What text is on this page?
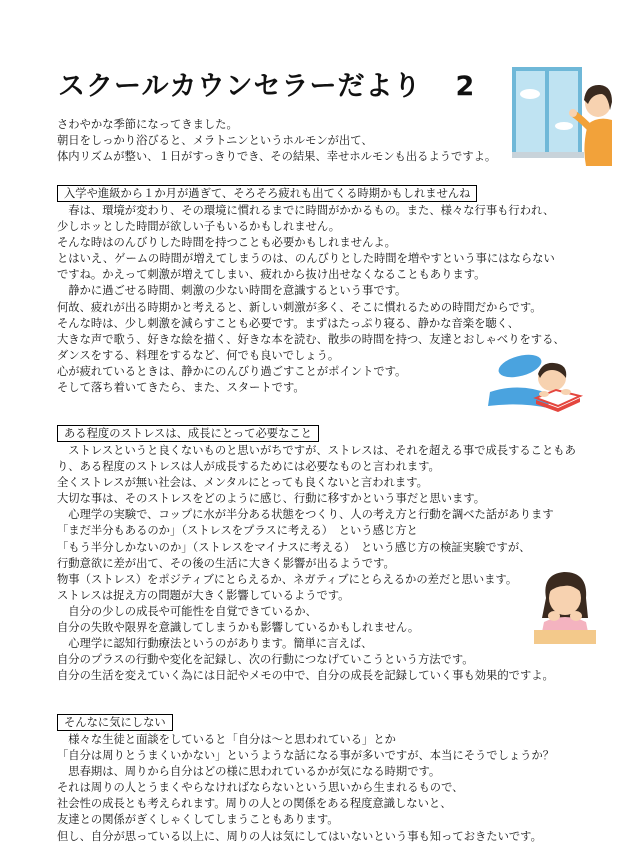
スクールカウンセラーだより 2
さわやかな季節になってきました。
朝日をしっかり浴びると、メラトニンというホルモンが出て、
体内リズムが整い、１日がすっきりでき、その結果、幸せホルモンも出るようですよ。
入学や進級から１か月が過ぎて、そろそろ疲れも出てくる時期かもしれませんね
　春は、環境が変わり、その環境に慣れるまでに時間がかかるもの。また、様々な行事も行われ、
少しホッとした時間が欲しい子もいるかもしれません。
そんな時はのんびりした時間を持つことも必要かもしれませんよ。
とはいえ、ゲームの時間が増えてしまうのは、のんびりとした時間を増やすという事にはならない
ですね。かえって刺激が増えてしまい、疲れから抜け出せなくなることもあります。
　静かに過ごせる時間、刺激の少ない時間を意識するという事です。
何故、疲れが出る時期かと考えると、新しい刺激が多く、そこに慣れるための時間だからです。
そんな時は、少し刺激を減らすことも必要です。まずはたっぷり寝る、静かな音楽を聴く、
大きな声で歌う、好きな絵を描く、好きな本を読む、散歩の時間を持つ、友達とおしゃべりをする、
ダンスをする、料理をするなど、何でも良いでしょう。
心が疲れているときは、静かにのんびり過ごすことがポイントです。
そして落ち着いてきたら、また、スタートです。
ある程度のストレスは、成長にとって必要なこと
　ストレスというと良くないものと思いがちですが、ストレスは、それを超える事で成長することもあ
り、ある程度のストレスは人が成長するためには必要なものと言われます。
全くストレスが無い社会は、メンタルにとっても良くないと言われます。
大切な事は、そのストレスをどのように感じ、行動に移すかという事だと思います。
　心理学の実験で、コップに水が半分ある状態をつくり、人の考え方と行動を調べた話があります
「まだ半分もあるのか」（ストレスをプラスに考える）　という感じ方と
「もう半分しかないのか」（ストレスをマイナスに考える）　という感じ方の検証実験ですが、
行動意欲に差が出て、その後の生活に大きく影響が出るようです。
物事（ストレス）をポジティブにとらえるか、ネガティブにとらえるかの差だと思います。
ストレスは捉え方の問題が大きく影響しているようです。
　自分の少しの成長や可能性を自覚できているか、
自分の失敗や限界を意識してしまうかも影響しているかもしれません。
　心理学に認知行動療法というのがあります。簡単に言えば、
自分のプラスの行動や変化を記録し、次の行動につなげていこうという方法です。
自分の生活を変えていく為には日記やメモの中で、自分の成長を記録していく事も効果的ですよ。
そんなに気にしない
　様々な生徒と面談をしていると「自分は～と思われている」とか
「自分は周りとうまくいかない」というような話になる事が多いですが、本当にそうでしょうか？
　思春期は、周りから自分はどの様に思われているかが気になる時期です。
それは周りの人とうまくやらなければならないという思いから生まれるもので、
社会性の成長とも考えられます。周りの人との関係をある程度意識しないと、
友達との関係がぎくしゃくしてしまうこともあります。
但し、自分が思っている以上に、周りの人は気にしてはいないという事も知っておきたいです。
